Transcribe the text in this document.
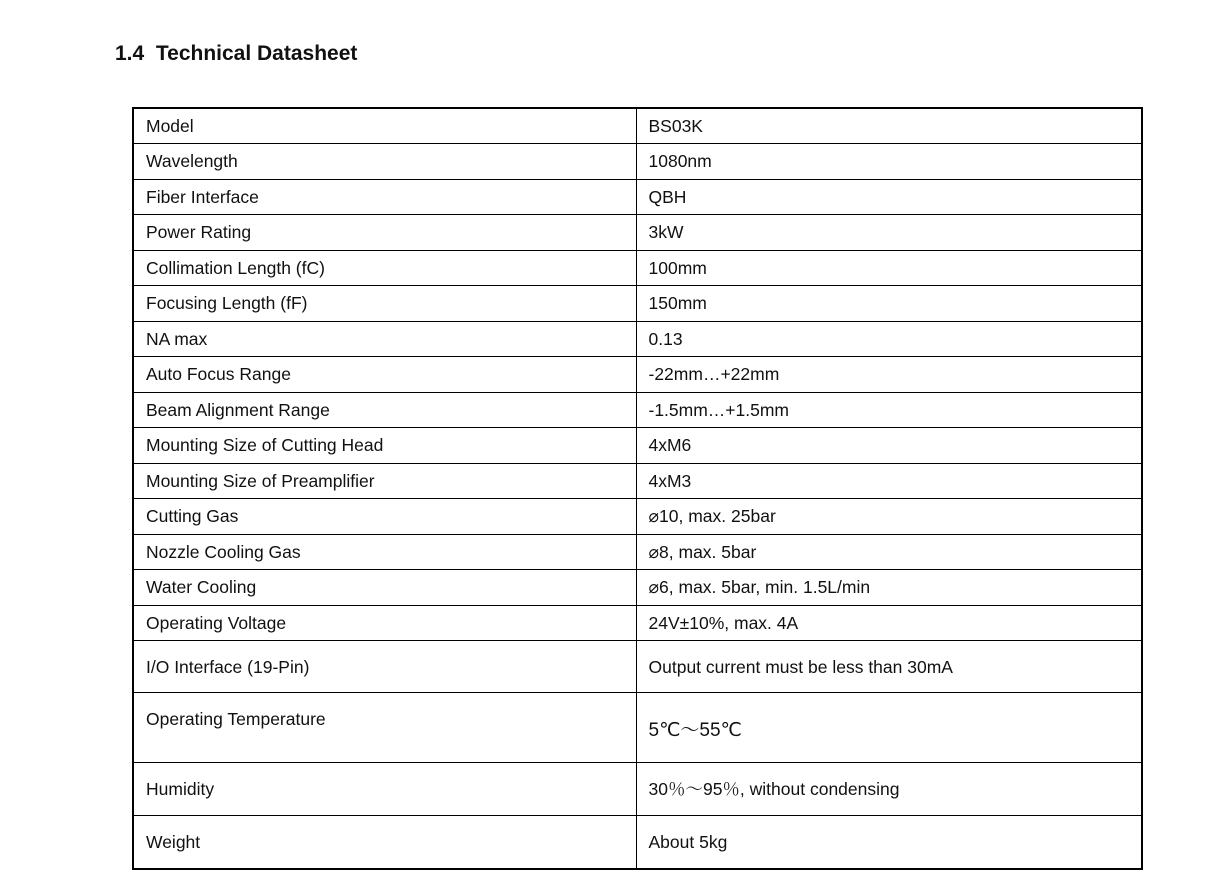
1.4 Technical Datasheet
Model	BS03K
Wavelength	1080nm
Fiber Interface	QBH
Power Rating	3kW
Collimation Length (fC)	100mm
Focusing Length (fF)	150mm
NA max	0.13
Auto Focus Range	-22mm…+22mm
Beam Alignment Range	-1.5mm…+1.5mm
Mounting Size of Cutting Head	4xM6
Mounting Size of Preamplifier	4xM3
Cutting Gas	⌀10, max. 25bar
Nozzle Cooling Gas	⌀8, max. 5bar
Water Cooling	⌀6, max. 5bar, min. 1.5L/min
Operating Voltage	24V±10%, max. 4A
I/O Interface (19-Pin)	Output current must be less than 30mA
Operating Temperature	5℃～55℃
Humidity	30％～95％, without condensing
Weight	About 5kg
